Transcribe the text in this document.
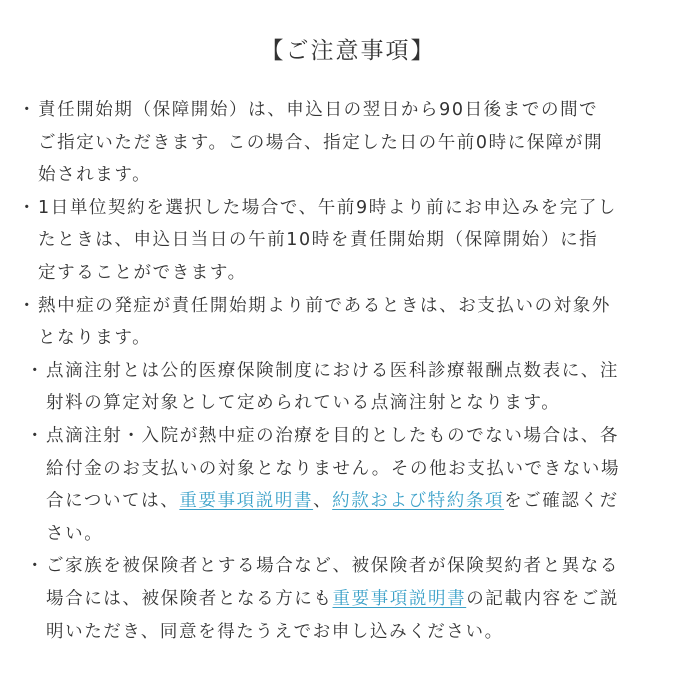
【ご注意事項】
・ 責任開始期（保障開始）は、申込日の翌日から90日後までの間で
ご指定いただきます。この場合、指定した日の午前0時に保障が開
始されます。
・ 1日単位契約を選択した場合で、午前9時より前にお申込みを完了し
たときは、申込日当日の午前10時を責任開始期（保障開始）に指
定することができます。
・ 熱中症の発症が責任開始期より前であるときは、お支払いの対象外
となります。
・ 点滴注射とは公的医療保険制度における医科診療報酬点数表に、注
射料の算定対象として定められている点滴注射となります。
・ 点滴注射・入院が熱中症の治療を目的としたものでない場合は、各
給付金のお支払いの対象となりません。その他お支払いできない場
合については、重要事項説明書、約款および特約条項をご確認くだ
さい。
・ ご家族を被保険者とする場合など、被保険者が保険契約者と異なる
場合には、被保険者となる方にも重要事項説明書の記載内容をご説
明いただき、同意を得たうえでお申し込みください。
